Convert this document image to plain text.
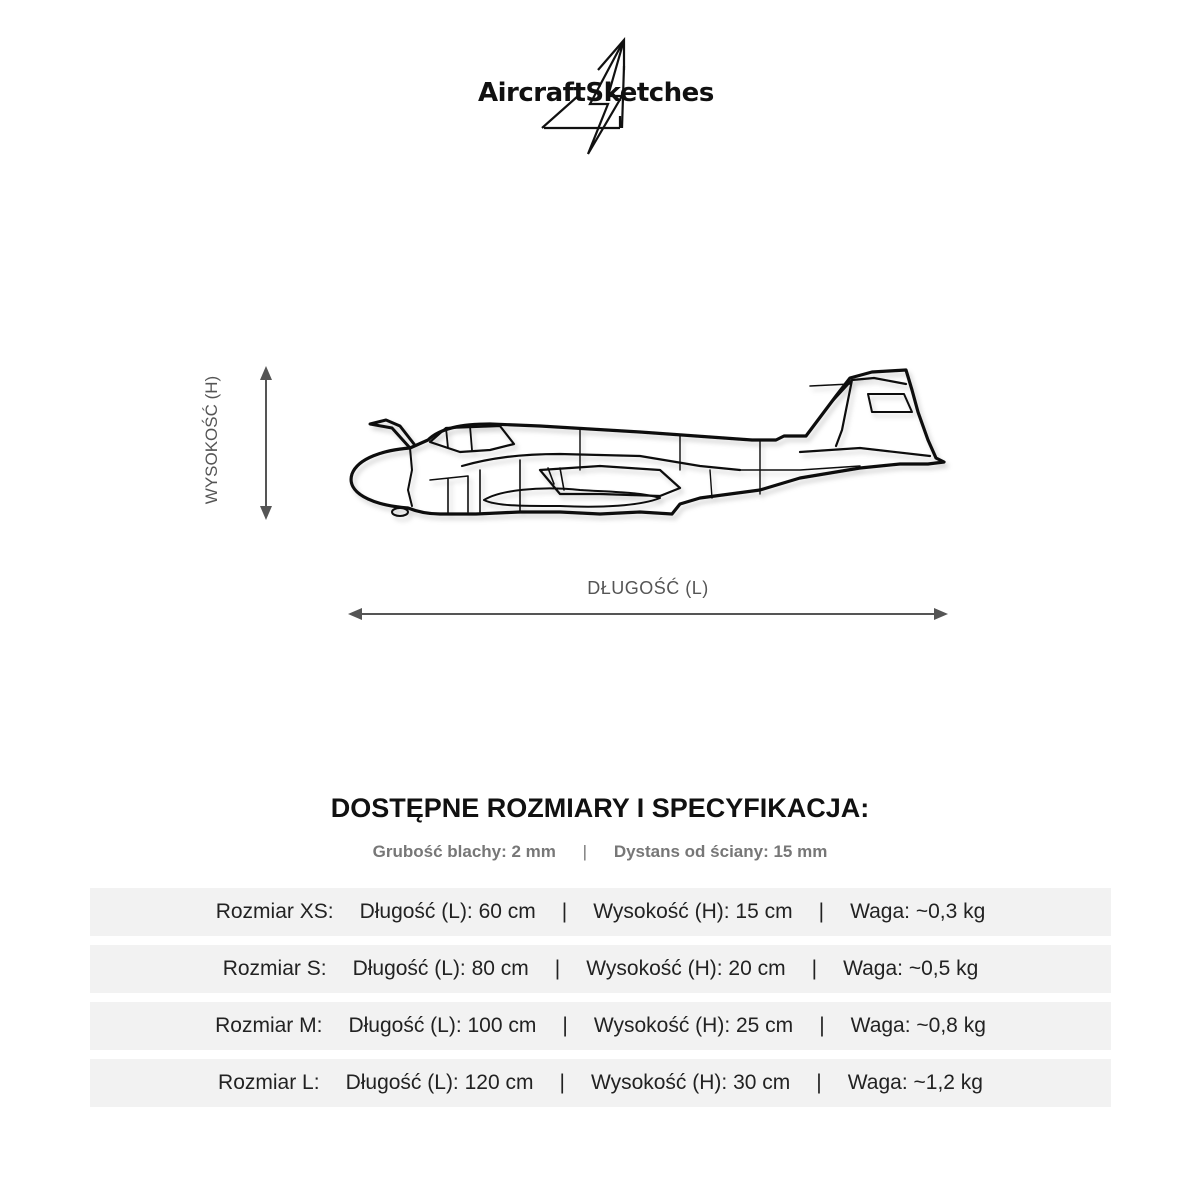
AircraftSketches
WYSOKOŚĆ (H)
DŁUGOŚĆ (L)
DOSTĘPNE ROZMIARY I SPECYFIKACJA:
Grubość blachy: 2 mm | Dystans od ściany: 15 mm
Rozmiar XS: Długość (L): 60 cm | Wysokość (H): 15 cm | Waga: ~0,3 kg
Rozmiar S: Długość (L): 80 cm | Wysokość (H): 20 cm | Waga: ~0,5 kg
Rozmiar M: Długość (L): 100 cm | Wysokość (H): 25 cm | Waga: ~0,8 kg
Rozmiar L: Długość (L): 120 cm | Wysokość (H): 30 cm | Waga: ~1,2 kg
